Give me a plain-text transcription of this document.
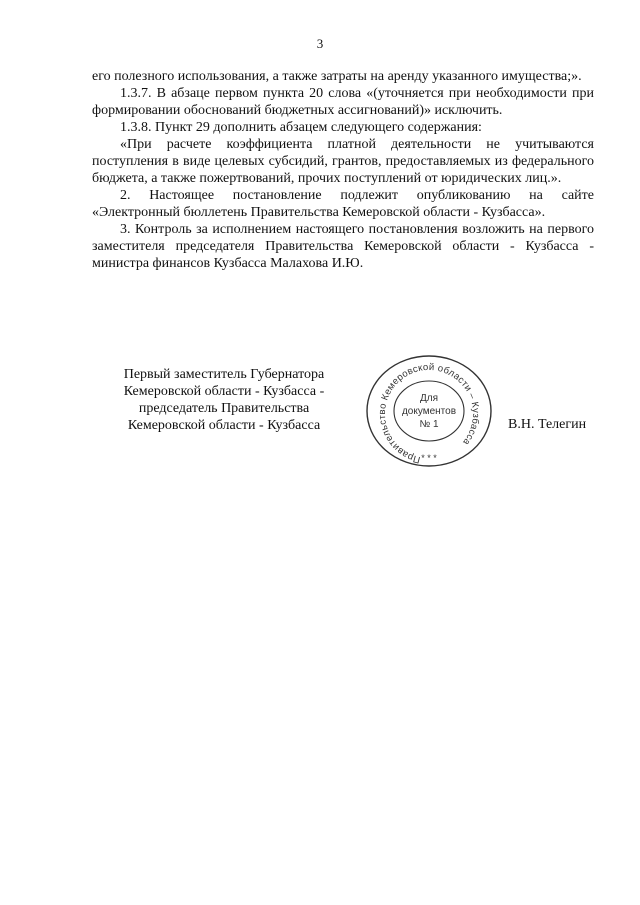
3

его полезного использования, а также затраты на аренду указанного имущества;».

1.3.7. В абзаце первом пункта 20 слова «(уточняется при необходимости при формировании обоснований бюджетных ассигнований)» исключить.

1.3.8. Пункт 29 дополнить абзацем следующего содержания:

«При расчете коэффициента платной деятельности не учитываются поступления в виде целевых субсидий, грантов, предоставляемых из федерального бюджета, а также пожертвований, прочих поступлений от юридических лиц.».

2. Настоящее постановление подлежит опубликованию на сайте «Электронный бюллетень Правительства Кемеровской области - Кузбасса».

3. Контроль за исполнением настоящего постановления возложить на первого заместителя председателя Правительства Кемеровской области - Кузбасса - министра финансов Кузбасса Малахова И.Ю.

Первый заместитель Губернатора
Кемеровской области - Кузбасса -
председатель Правительства
Кемеровской области - Кузбасса
Правительство Кемеровской области – Кузбасса
* * *
Для
документов
№ 1	В.Н. Телегин
